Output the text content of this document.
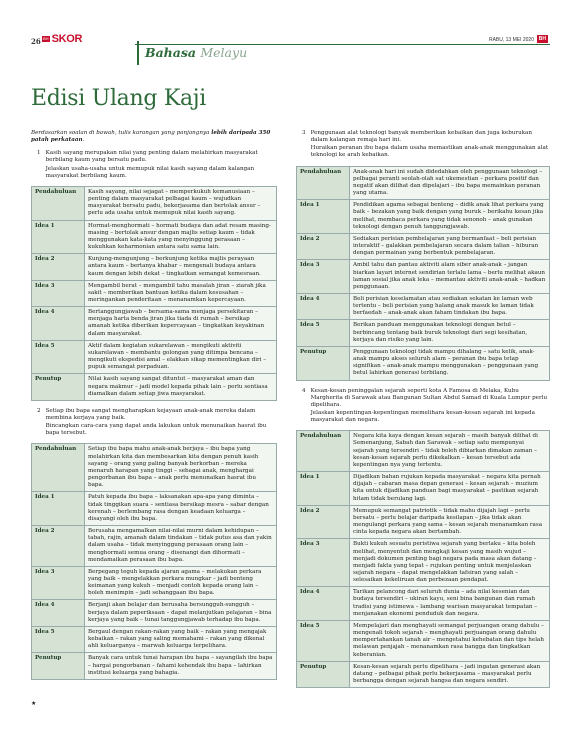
26 BH SKOR
Bahasa Melayu
RABU, 13 MEI 2020 BH
Edisi Ulang Kaji

Berdasarkan soalan di bawah, tulis karangan yang panjangnya lebih daripada 350 patah perkataan.

1 Kasih sayang merupakan nilai yang penting dalam melahirkan masyarakat berbilang kaum yang bersatu padu.
Jelaskan usaha-usaha untuk memupuk nilai kasih sayang dalam kalangan masyarakat berbilang kaum.
Pendahuluan	Kasih sayang, nilai sejagat – memperkukuh kemanusiaan – penting dalam masyarakat pelbagai kaum – wujudkan masyarakat bersatu padu, bekerjasama dan bertolak ansur – perlu ada usaha untuk memupuk nilai kasih sayang.
Idea 1	Hormat-menghormati – hormati budaya dan adat resam masing-masing – bertolak ansur dengan majlis setiap kaum – tidak menggunakan kata-kata yang menyinggung perasaan – kukuhkan keharmonian antara satu sama lain.
Idea 2	Kunjung-mengunjung – berkunjung ketika majlis perayaan antara kaum – bertanya khabar – mengenali budaya antara kaum dengan lebih dekat – tingkatkan semangat kemesraan.
Idea 3	Mengambil berat – mengambil tahu masalah jiran – ziarah jika sakit – memberikan bantuan ketika dalam kesusahan – meringankan penderitaan – menanamkan kepercayaan.
Idea 4	Bertanggungjawab – bersama-sama menjaga persekitaran – menjaga harta benda jiran jika tiada di rumah – bersikap amanah ketika diberikan kepercayaan – tingkatkan keyakinan dalam masyarakat.
Idea 5	Aktif dalam kegiatan sukarelawan – mengikuti aktiviti sukarelawan – membantu golongan yang ditimpa bencana – mengikuti ekspedisi amal – elakkan sikap mementingkan diri – pupuk semangat perpaduan.
Penutup	Nilai kasih sayang sangat dituntut – masyarakat aman dan negara makmur – jadi model kepada pihak lain – perlu sentiasa diamalkan dalam setiap jiwa masyarakat.
2 Setiap ibu bapa sangat mengharapkan kejayaan anak-anak mereka dalam membina kerjaya yang baik.
Bincangkan cara-cara yang dapat anda lakukan untuk menunaikan hasrat ibu bapa tersebut.
Pendahuluan	Setiap ibu bapa mahu anak-anak berjaya – ibu bapa yang melahirkan kita dan membesarkan kita dengan penuh kasih sayang – orang yang paling banyak berkorban – mereka menaruh harapan yang tinggi – sebagai anak, menghargai pengorbanan ibu bapa – anak perlu menunaikan hasrat ibu bapa.
Idea 1	Patuh kepada ibu bapa – laksanakan apa-apa yang diminta – tidak tinggikan suara – sentiasa bersikap mesra – sabar dengan kerenah – berlembang rasa dengan keadaan keluarga – disayangi oleh ibu bapa.
Idea 2	Berusaha mengamalkan nilai-nilai murni dalam kehidupan – tabah, rajin, amanah dalam tindakan – tidak putus asa dan yakin dalam usaha – tidak menyinggung perasaan orang lain – menghormati semua orang – disenangi dan dihormati – mendamaikan perasaan ibu bapa.
Idea 3	Berpegang teguh kepada ajaran agama – melakukan perkara yang baik – mengelakkan perkara mungkar – jadi benteng keimanan yang kukuh – menjadi contoh kepada orang lain – boleh menimpin – jadi sebanggaan ibu bapa.
Idea 4	Berjanji akan belajar dan berusaha bersungguh-sungguh – berjaya dalam peperiksaan – dapat melanjutkan pelajaran – bina kerjaya yang baik – tunai tanggungjawab terhadap ibu bapa.
Idea 5	Bergaul dengan rakan-rakan yang baik – rakan yang mengajak kebaikan – rakan yang saling memahami – rakan yang dikenal ahli keluarganya – marwah keluarga terpelihara.
Penutup	Banyak cara untuk tunai harapan ibu bapa – sayangilah ibu bapa – hargai pengorbanan – fahami kehendak ibu bapa – lahirkan institusi keluarga yang bahagia.
3 Penggunaan alat teknologi banyak memberikan kebaikan dan juga keburukan dalam kalangan remaja hari ini.
Huraikan peranan ibu bapa dalam usaha memastikan anak-anak menggunakan alat teknologi ke arah kebaikan.
Pendahuluan	Anak-anak hari ini sudah didedahkan oleh penggunaan teknologi – pelbagai peranti seolah-olah sat ukemestian – perkara positif dan negatif akan dilihat dan dipelajari – ibu bapa memainkan peranan yang utama.
Idea 1	Pendidikan agama sebagai benteng – didik anak lihat perkara yang baik – bezakan yang baik dengan yang buruk – berikahu kesan jika melihat, membaca perkara yang tidak senonoh – anak gunakan teknologi dengan penuh tanggungjawab.
Idea 2	Sediakan perisian pembelajaran yang bermanfaat – beli perisian interaktif – galakkan pembelajaran secara dalam talian – hiburan dengan permainan yang berbentuk pembelajaran.
Idea 3	Ambil tahu dan pantau aktiviti alam siber anak-anak – jangan biarkan layari internet sendirian terlalu lama – berlu melihat akaun laman sosial jika anak leka – memantau aktiviti anak-anak – hadkan penggunaan.
Idea 4	Beli perisian keselamatan atau sediakan sekatan ke laman web tertentu – beli perisian yang halang anak masuk ke laman tidak berfaedah – anak-anak akan faham tindakan ibu bapa.
Idea 5	Berikan panduan menggunakan teknologi dengan betul – berbincang tentang baik buruk teknologi dari segi kesihatan, kerjaya dan risiko yang lain.
Penutup	Penggunaan teknologi tidak mampu dihalang – satu kelik, anak-anak mampu akses seluruh alam – peranan ibu bapa tetap signifikan – anak-anak mampu menggunakan – penggunaan yang betul lahirkan generasi terbilang.
4 Kesan-kesan peninggalan sejarah seperti kota A Famosa di Melaka, Kubu Margherita di Sarawak atau Bangunan Sultan Abdul Samad di Kuala Lumpur perlu dipelihara.
Jelaskan kepentingan-kepentingan memelihara kesan-kesan sejarah ini kepada masyarakat dan negara.
Pendahuluan	Negara kita kaya dengan kesan sejarah – masih banyak dilihat di Semenanjung, Sabah dan Sarawak – setiap satu mempunyai sejarah yang tersendiri – tidak boleh dibiarkan dimakan zaman – kesan-kesan sejarah perlu dikekalkan – kesan tersebut ada kepentingan nya yang tertentu.
Idea 1	Dijadikan bahan rujukan kepada masyarakat – negara kita pernah dijajah – cabaran masa depan generasi – kesan sejarah – muzium kita untuk dijadikan panduan bagi masyarakat – pastikan sejarah hitam tidak berulang lagi.
Idea 2	Memupuk semangat patriotik – tidak mahu dijajah lagi – perlu bersatu – perlu belajar daripada kesilapan – jika tidak akan mengulangi perkara yang sama – kesan sejarah menanamkan rasa cinta kepada negara akan bertambah.
Idea 3	Bukti kukuh sesuatu peristiwa sejarah yang berlaku – kita boleh melihat, menyentuh dan mengkaji kesan yang masih wujud – menjadi dokumen penting bagi negara pada masa akan datang – menjadi fakta yang tepat – rujukan penting untuk menjelaskan sejarah negara – dapat mengelakkan tafsiran yang salah – selesaikan kekeliruan dan perbezaan pendapat.
Idea 4	Tarikan pelancong dari seluruh dunia – ada nilai kesenian dan budaya tersendiri – ukiran kayu, seni bina bangunan dan rumah tradisi yang istimewa – lambang warisan masyarakat tempatan – menjanakan ekonomi penduduk dan negara.
Idea 5	Mempelajari dan menghayati semangat perjuangan orang dahulu – mengenali tokoh sejarah – menghayati perjuangan orang dahulu mempertahankan tanah air – mengetahui kehebatan dan tips helah melawan penjajah – menanamkan rasa bangga dan tingkatkan keberanian.
Penutup	Kesan-kesan sejarah perlu dipelihara – jadi ingatan generasi akan datang – pelbagai pihak perlu bekerjasama – masyarakat perlu berbangga dengan sejarah bangsa dan negara sendiri.
★
